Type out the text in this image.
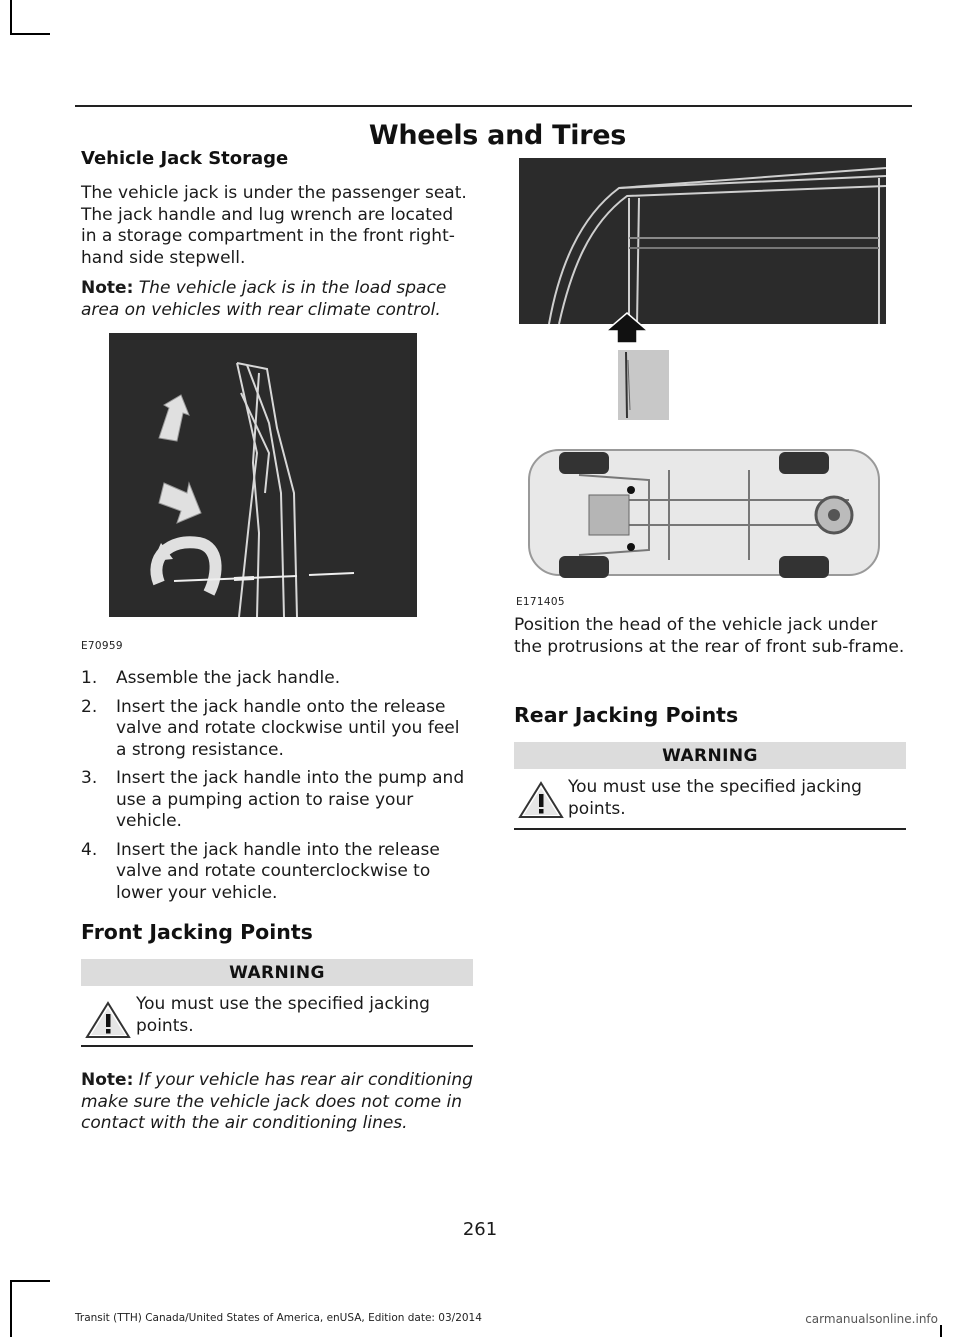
Wheels and Tires
Vehicle Jack Storage
The vehicle jack is under the passenger seat. The jack handle and lug wrench are located in a storage compartment in the front right-hand side stepwell.
Note: The vehicle jack is in the load space area on vehicles with rear climate control.
E70959
1. Assemble the jack handle.
2. Insert the jack handle onto the release valve and rotate clockwise until you feel a strong resistance.
3. Insert the jack handle into the pump and use a pumping action to raise your vehicle.
4. Insert the jack handle into the release valve and rotate counterclockwise to lower your vehicle.
Front Jacking Points
WARNING
You must use the specified jacking points.
Note: If your vehicle has rear air conditioning make sure the vehicle jack does not come in contact with the air conditioning lines.
E171405
Position the head of the vehicle jack under the protrusions at the rear of front sub-frame.
Rear Jacking Points
WARNING
You must use the specified jacking points.
261
Transit (TTH) Canada/United States of America, enUSA, Edition date: 03/2014	carmanualsonline.info
